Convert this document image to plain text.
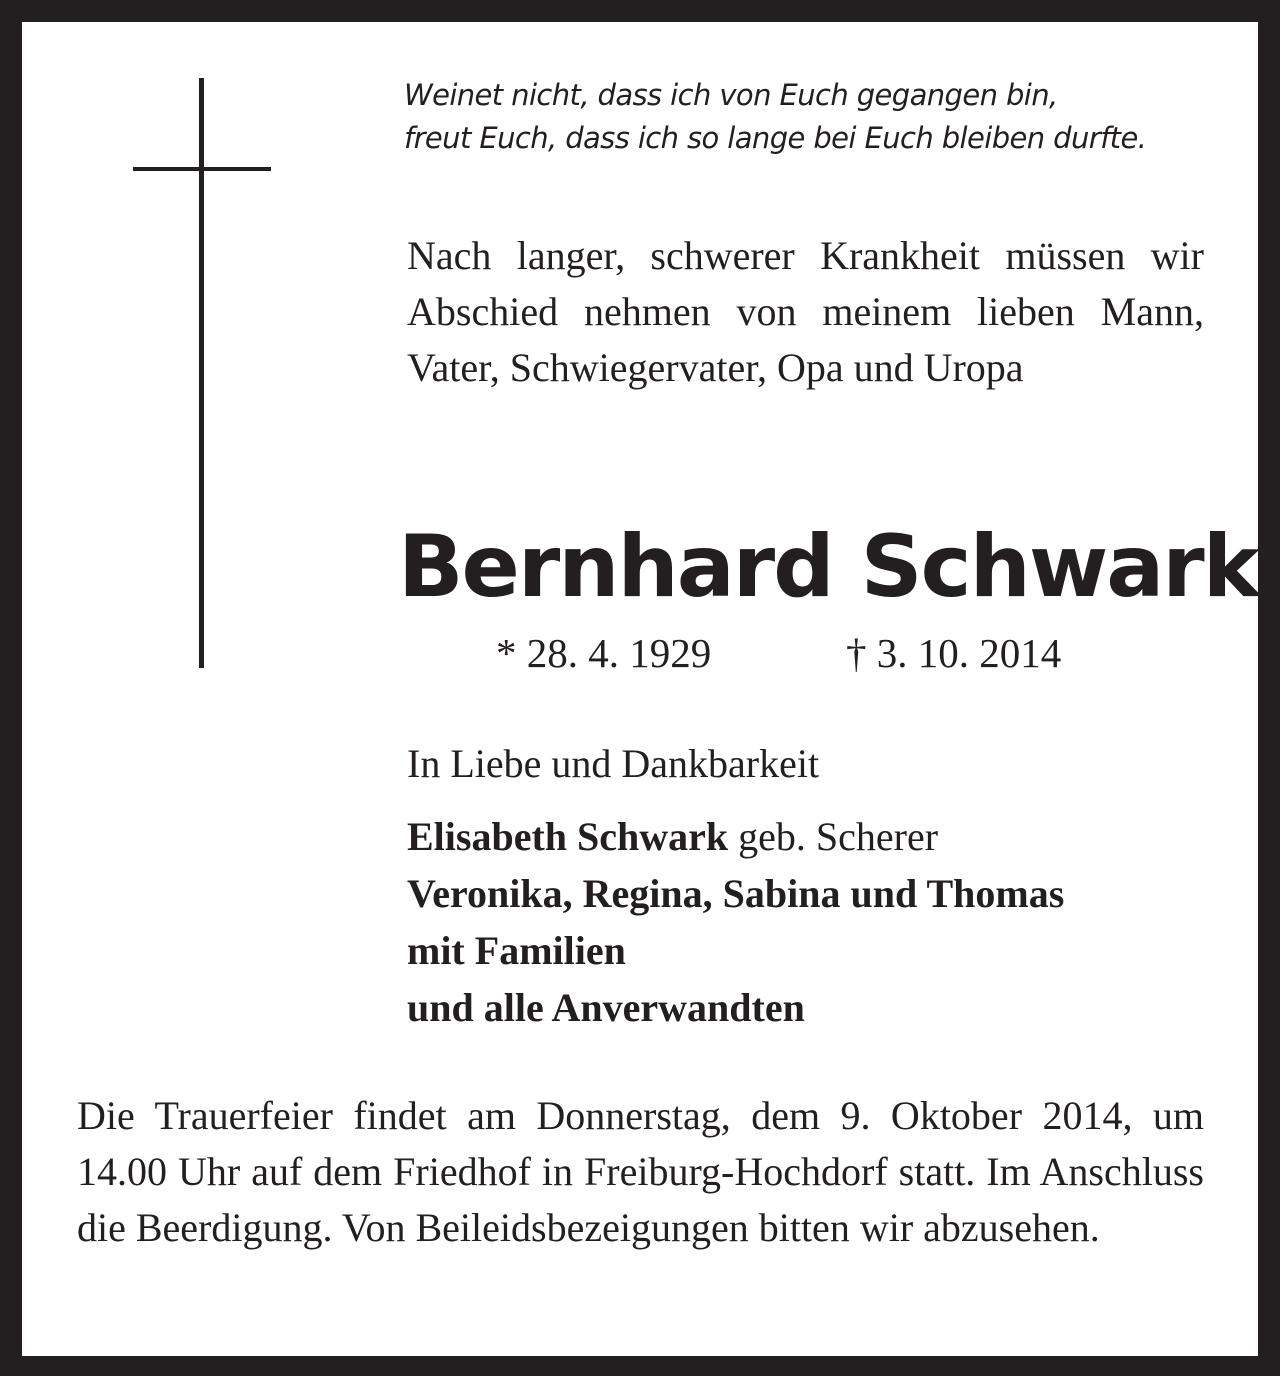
Weinet nicht, dass ich von Euch gegangen bin,
freut Euch, dass ich so lange bei Euch bleiben durfte.

Nach langer, schwerer Krankheit müssen wir Abschied nehmen von meinem lieben Mann, Vater, Schwiegervater, Opa und Uropa

Bernhard Schwark
* 28. 4. 1929	† 3. 10. 2014
In Liebe und Dankbarkeit
Elisabeth Schwark geb. Scherer
Veronika, Regina, Sabina und Thomas
mit Familien
und alle Anverwandten

Die Trauerfeier findet am Donnerstag, dem 9. Oktober 2014, um 14.00 Uhr auf dem Friedhof in Freiburg-Hochdorf statt. Im Anschluss die Beerdigung. Von Beileidsbezeigungen bitten wir abzusehen.
